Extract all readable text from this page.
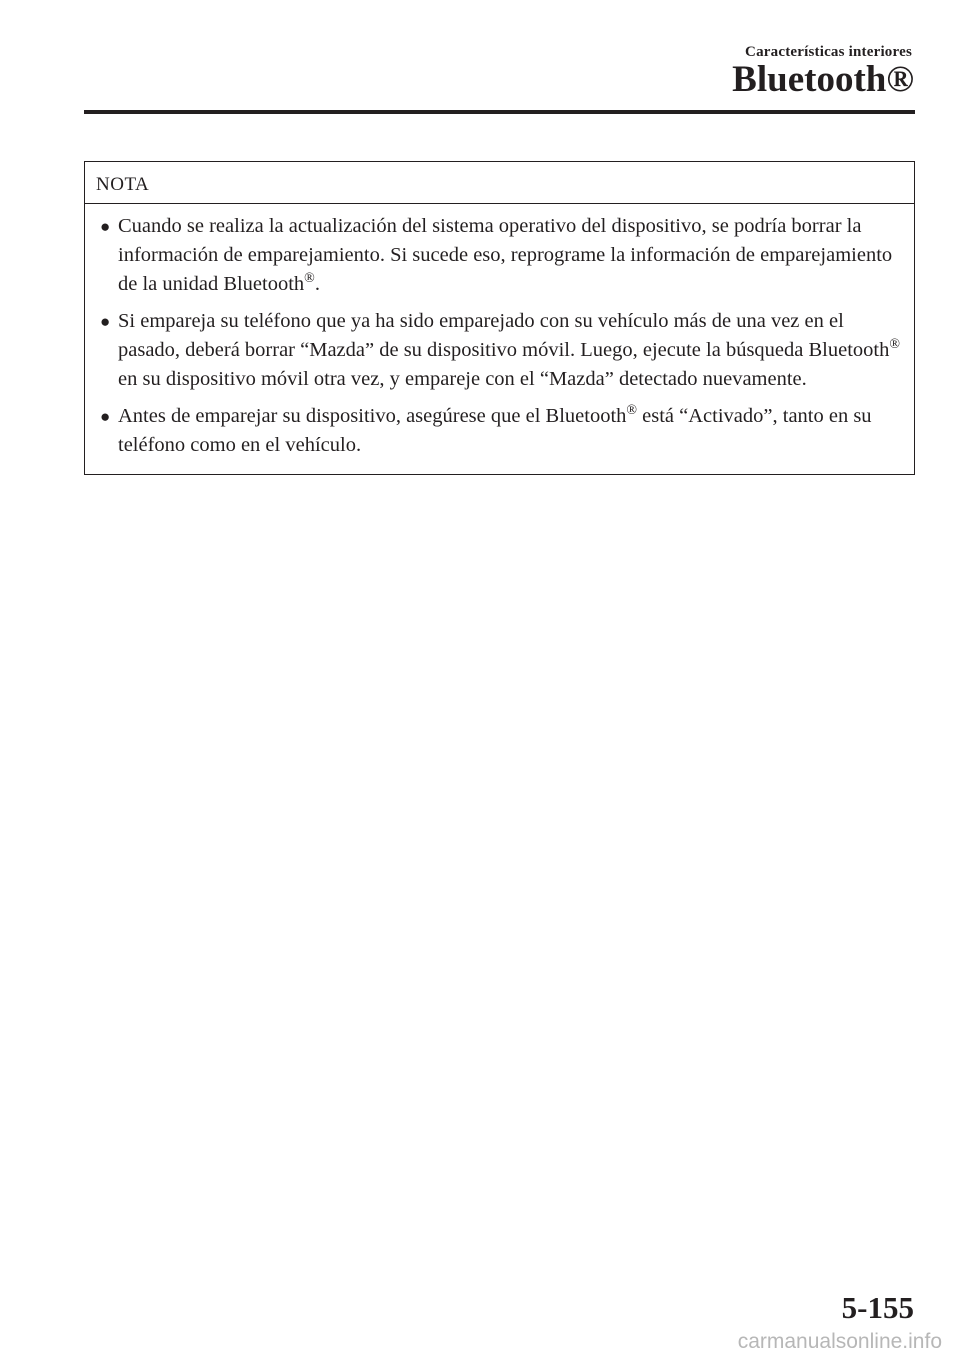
Características interiores
Bluetooth®
NOTA
● Cuando se realiza la actualización del sistema operativo del dispositivo, se podría borrar la información de emparejamiento. Si sucede eso, reprograme la información de emparejamiento de la unidad Bluetooth®.
● Si empareja su teléfono que ya ha sido emparejado con su vehículo más de una vez en el pasado, deberá borrar “Mazda” de su dispositivo móvil. Luego, ejecute la búsqueda Bluetooth® en su dispositivo móvil otra vez, y empareje con el “Mazda” detectado nuevamente.
● Antes de emparejar su dispositivo, asegúrese que el Bluetooth® está “Activado”, tanto en su teléfono como en el vehículo.
5-155
carmanualsonline.info
